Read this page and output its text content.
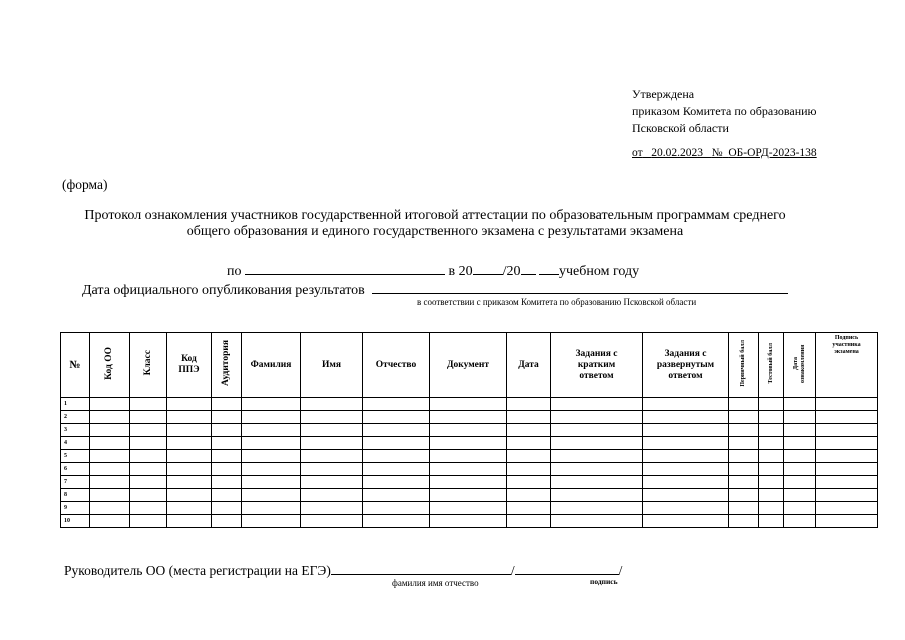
Утверждена
приказом Комитета по образованию
Псковской области
от 20.02.2023 № ОБ-ОРД-2023-138
(форма)
Протокол ознакомления участников государственной итоговой аттестации по образовательным программам среднего общего образования и единого государственного экзамена с результатами экзамена
по	в 20 /20	учебном году
Дата официального опубликования результатов
в соответствии с приказом Комитета по образованию Псковской области
№	Код ОО	Класс	Код ППЭ	Аудитория	Фамилия	Имя	Отчество	Документ	Дата	Задания с кратким ответом	Задания с развернутым ответом	Первичный балл	Тестовый балл	Дата ознакомления	Подпись участника экзамена
1															
2															
3															
4															
5															
6															
7															
8															
9															
10															
Руководитель ОО (места регистрации на ЕГЭ)	/	/
фамилия имя отчество	подпись
